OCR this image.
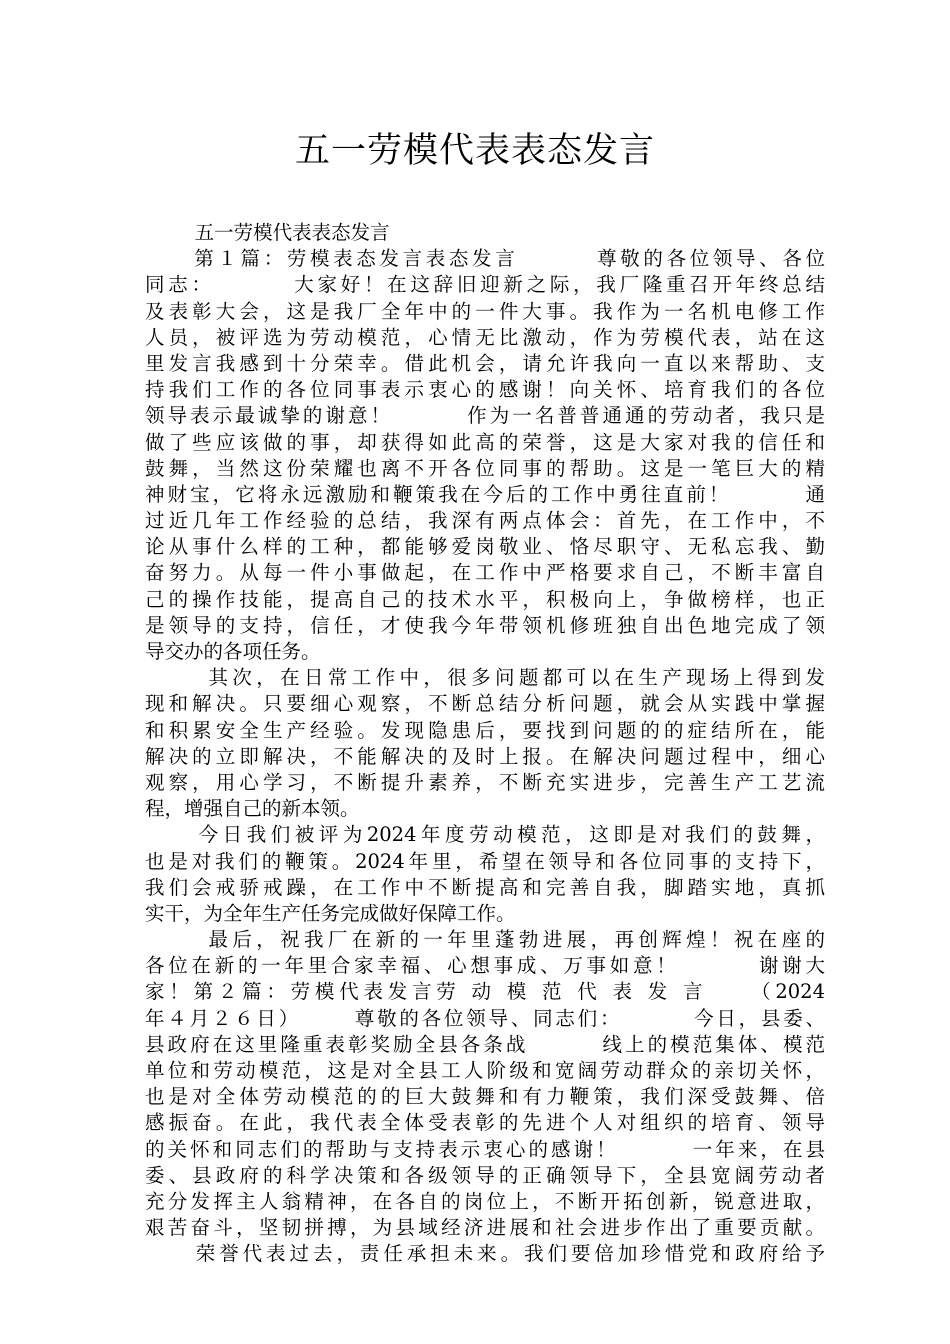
五一劳模代表表态发言
五一劳模代表表态发言
第１篇：劳模表态发言表态发言        尊敬的各位领导、各位
同志：        大家好！在这辞旧迎新之际，我厂隆重召开年终总结
及表彰大会，这是我厂全年中的一件大事。我作为一名机电修工作
人员，被评选为劳动模范，心情无比激动，作为劳模代表，站在这
里发言我感到十分荣幸。借此机会，请允许我向一直以来帮助、支
持我们工作的各位同事表示衷心的感谢！向关怀、培育我们的各位
领导表示最诚挚的谢意！        作为一名普普通通的劳动者，我只是
做了些应该做的事，却获得如此高的荣誉，这是大家对我的信任和
鼓舞，当然这份荣耀也离不开各位同事的帮助。这是一笔巨大的精
神财宝，它将永远激励和鞭策我在今后的工作中勇往直前！        通
过近几年工作经验的总结，我深有两点体会：首先，在工作中，不
论从事什么样的工种，都能够爱岗敬业、恪尽职守、无私忘我、勤
奋努力。从每一件小事做起，在工作中严格要求自己，不断丰富自
己的操作技能，提高自己的技术水平，积极向上，争做榜样，也正
是领导的支持，信任，才使我今年带领机修班独自出色地完成了领
导交办的各项任务。
其次，在日常工作中，很多问题都可以在生产现场上得到发
现和解决。只要细心观察，不断总结分析问题，就会从实践中掌握
和积累安全生产经验。发现隐患后，要找到问题的的症结所在，能
解决的立即解决，不能解决的及时上报。在解决问题过程中，细心
观察，用心学习，不断提升素养，不断充实进步，完善生产工艺流
程，增强自己的新本领。
今日我们被评为2024年度劳动模范，这即是对我们的鼓舞，
也是对我们的鞭策。2024年里，希望在领导和各位同事的支持下，
我们会戒骄戒躁，在工作中不断提高和完善自我，脚踏实地，真抓
实干，为全年生产任务完成做好保障工作。
最后，祝我厂在新的一年里蓬勃进展，再创辉煌！祝在座的
各位在新的一年里合家幸福、心想事成、万事如意！        谢谢大
家！第２篇：劳模代表发言劳 动 模 范 代 表 发 言    （2024
年４月２６日）      尊敬的各位领导、同志们：        今日，县委、
县政府在这里隆重表彰奖励全县各条战        线上的模范集体、模范
单位和劳动模范，这是对全县工人阶级和宽阔劳动群众的亲切关怀，
也是对全体劳动模范的的巨大鼓舞和有力鞭策，我们深受鼓舞、倍
感振奋。在此，我代表全体受表彰的先进个人对组织的培育、领导
的关怀和同志们的帮助与支持表示衷心的感谢！        一年来，在县
委、县政府的科学决策和各级领导的正确领导下，全县宽阔劳动者
充分发挥主人翁精神，在各自的岗位上，不断开拓创新，锐意进取，
艰苦奋斗，坚韧拼搏，为县域经济进展和社会进步作出了重要贡献。
荣誉代表过去，责任承担未来。我们要倍加珍惜党和政府给予
